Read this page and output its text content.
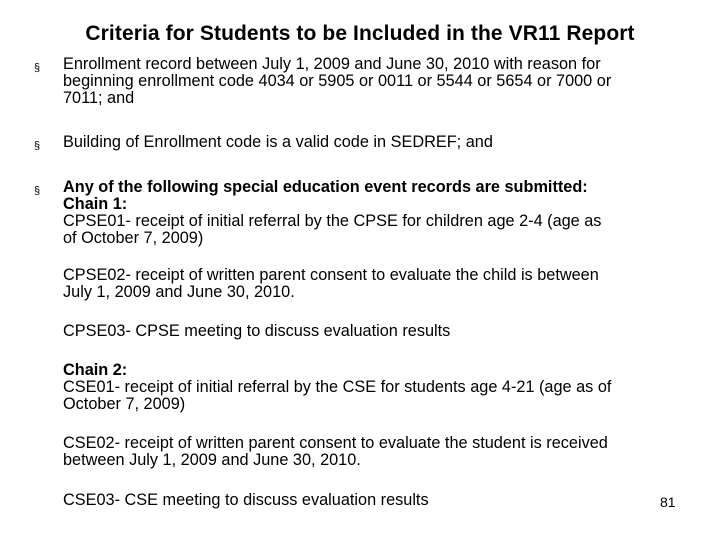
Criteria for Students to be Included in the VR11 Report
§	Enrollment record between July 1, 2009 and June 30, 2010 with reason for
beginning enrollment code 4034 or 5905 or 0011 or 5544 or 5654 or 7000 or
7011; and
§	Building of Enrollment code is a valid code in SEDREF; and
§	Any of the following special education event records are submitted:
Chain 1:
CPSE01- receipt of initial referral by the CPSE for children age 2-4 (age as
of October 7, 2009)
CPSE02- receipt of written parent consent to evaluate the child is between
July 1, 2009 and June 30, 2010.
CPSE03- CPSE meeting to discuss evaluation results
Chain 2:
CSE01- receipt of initial referral by the CSE for students age 4-21 (age as of
October 7, 2009)
CSE02- receipt of written parent consent to evaluate the student is received
between July 1, 2009 and June 30, 2010.
CSE03- CSE meeting to discuss evaluation results	81
